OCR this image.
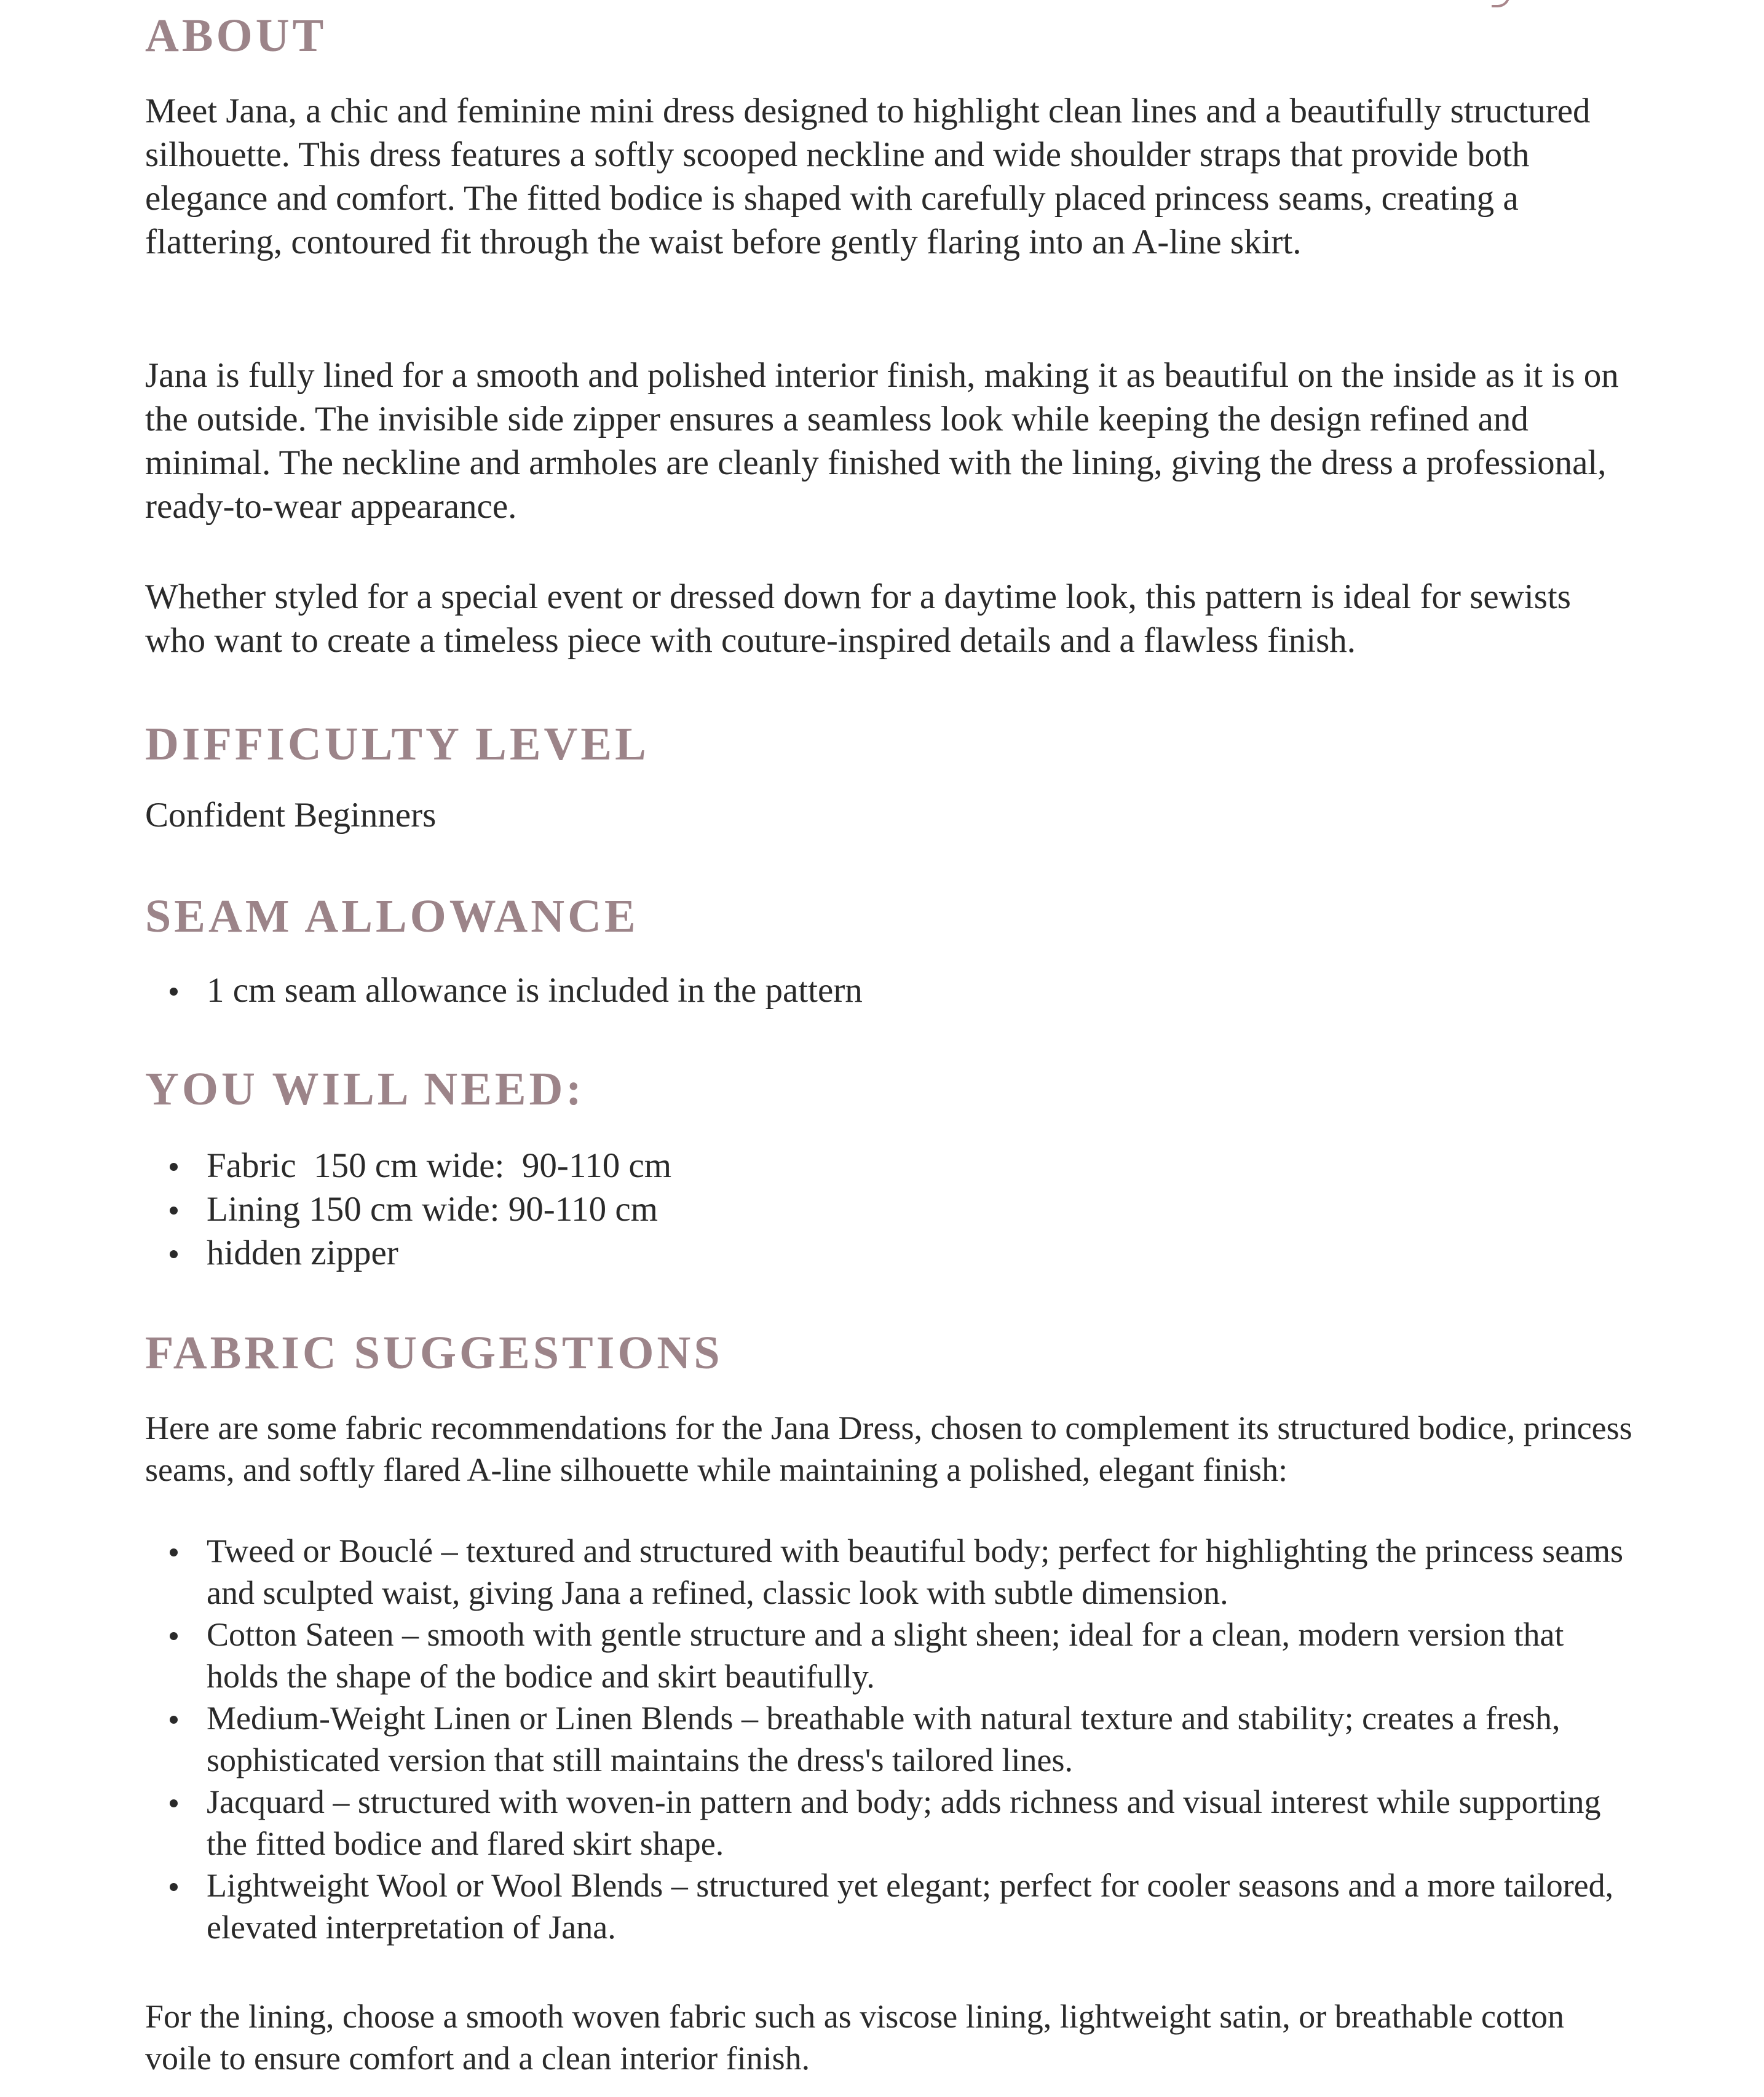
ABOUT

Meet Jana, a chic and feminine mini dress designed to highlight clean lines and a beautifully structured silhouette. This dress features a softly scooped neckline and wide shoulder straps that provide both elegance and comfort. The fitted bodice is shaped with carefully placed princess seams, creating a flattering, contoured fit through the waist before gently flaring into an A-line skirt.

Jana is fully lined for a smooth and polished interior finish, making it as beautiful on the inside as it is on the outside. The invisible side zipper ensures a seamless look while keeping the design refined and minimal. The neckline and armholes are cleanly finished with the lining, giving the dress a professional, ready-to-wear appearance.

Whether styled for a special event or dressed down for a daytime look, this pattern is ideal for sewists who want to create a timeless piece with couture-inspired details and a flawless finish.

DIFFICULTY LEVEL

Confident Beginners

SEAM ALLOWANCE
1 cm seam allowance is included in the pattern
YOU WILL NEED:
Fabric  150 cm wide:  90-110 cm
Lining 150 cm wide: 90-110 cm
hidden zipper
FABRIC SUGGESTIONS

Here are some fabric recommendations for the Jana Dress, chosen to complement its structured bodice, princess seams, and softly flared A-line silhouette while maintaining a polished, elegant finish:

Tweed or Bouclé – textured and structured with beautiful body; perfect for highlighting the princess seams and sculpted waist, giving Jana a refined, classic look with subtle dimension.
Cotton Sateen – smooth with gentle structure and a slight sheen; ideal for a clean, modern version that holds the shape of the bodice and skirt beautifully.
Medium-Weight Linen or Linen Blends – breathable with natural texture and stability; creates a fresh, sophisticated version that still maintains the dress's tailored lines.
Jacquard – structured with woven-in pattern and body; adds richness and visual interest while supporting the fitted bodice and flared skirt shape.
Lightweight Wool or Wool Blends – structured yet elegant; perfect for cooler seasons and a more tailored, elevated interpretation of Jana.

For the lining, choose a smooth woven fabric such as viscose lining, lightweight satin, or breathable cotton voile to ensure comfort and a clean interior finish.
